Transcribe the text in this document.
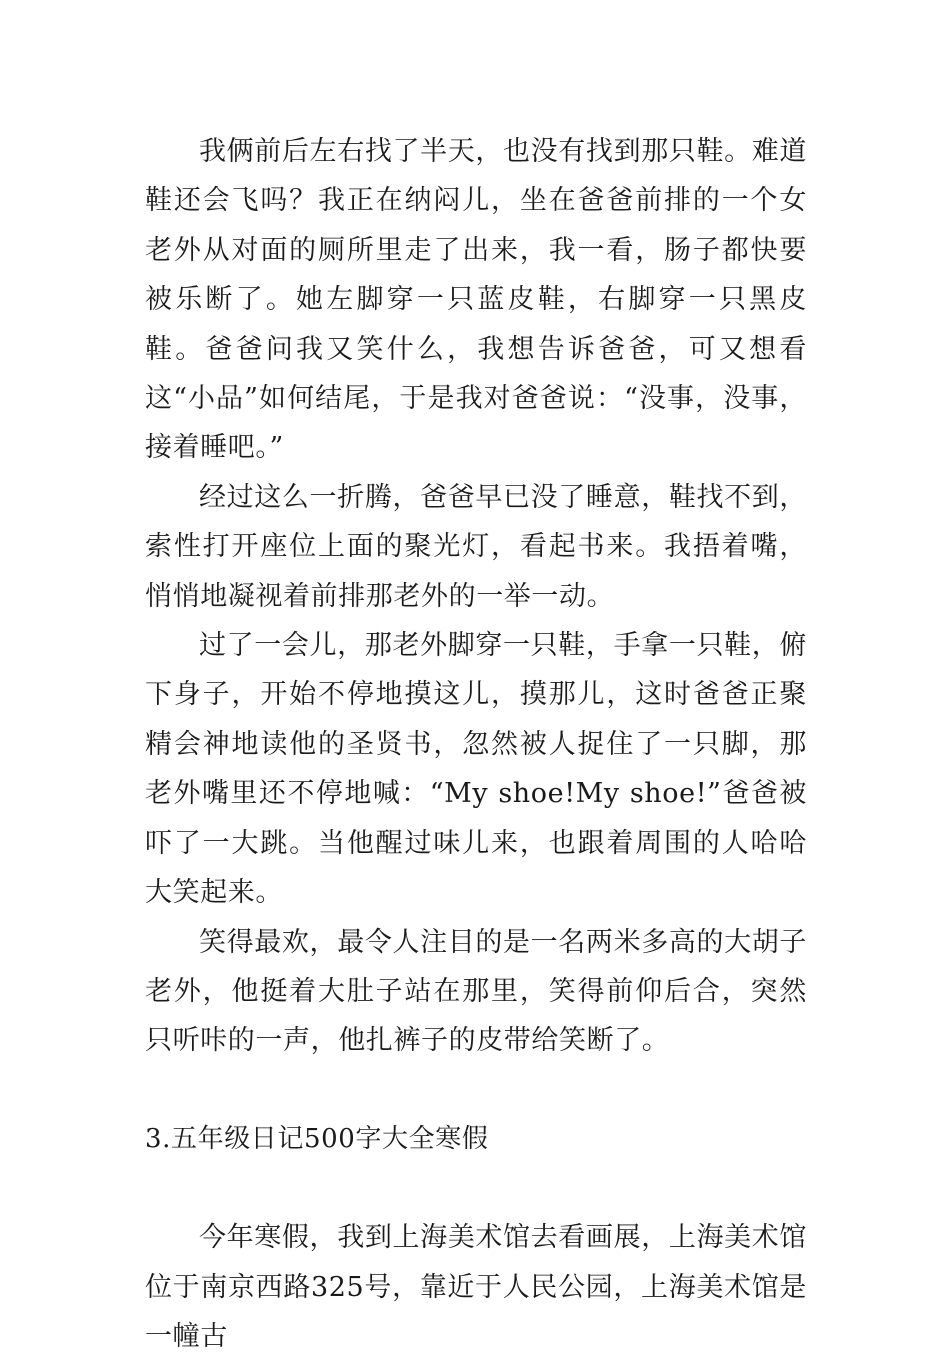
我俩前后左右找了半天，也没有找到那只鞋。难道鞋还会飞吗？我正在纳闷儿，坐在爸爸前排的一个女老外从对面的厕所里走了出来，我一看，肠子都快要被乐断了。她左脚穿一只蓝皮鞋，右脚穿一只黑皮鞋。爸爸问我又笑什么，我想告诉爸爸，可又想看这“小品”如何结尾，于是我对爸爸说：“没事，没事，接着睡吧。”

经过这么一折腾，爸爸早已没了睡意，鞋找不到，索性打开座位上面的聚光灯，看起书来。我捂着嘴，悄悄地凝视着前排那老外的一举一动。

过了一会儿，那老外脚穿一只鞋，手拿一只鞋，俯下身子，开始不停地摸这儿，摸那儿，这时爸爸正聚精会神地读他的圣贤书，忽然被人捉住了一只脚，那老外嘴里还不停地喊：“My shoe!My shoe!”爸爸被吓了一大跳。当他醒过味儿来，也跟着周围的人哈哈大笑起来。

笑得最欢，最令人注目的是一名两米多高的大胡子老外，他挺着大肚子站在那里，笑得前仰后合，突然只听咔的一声，他扎裤子的皮带给笑断了。

3.五年级日记500字大全寒假

今年寒假，我到上海美术馆去看画展，上海美术馆位于南京西路325号，靠近于人民公园，上海美术馆是一幢古
